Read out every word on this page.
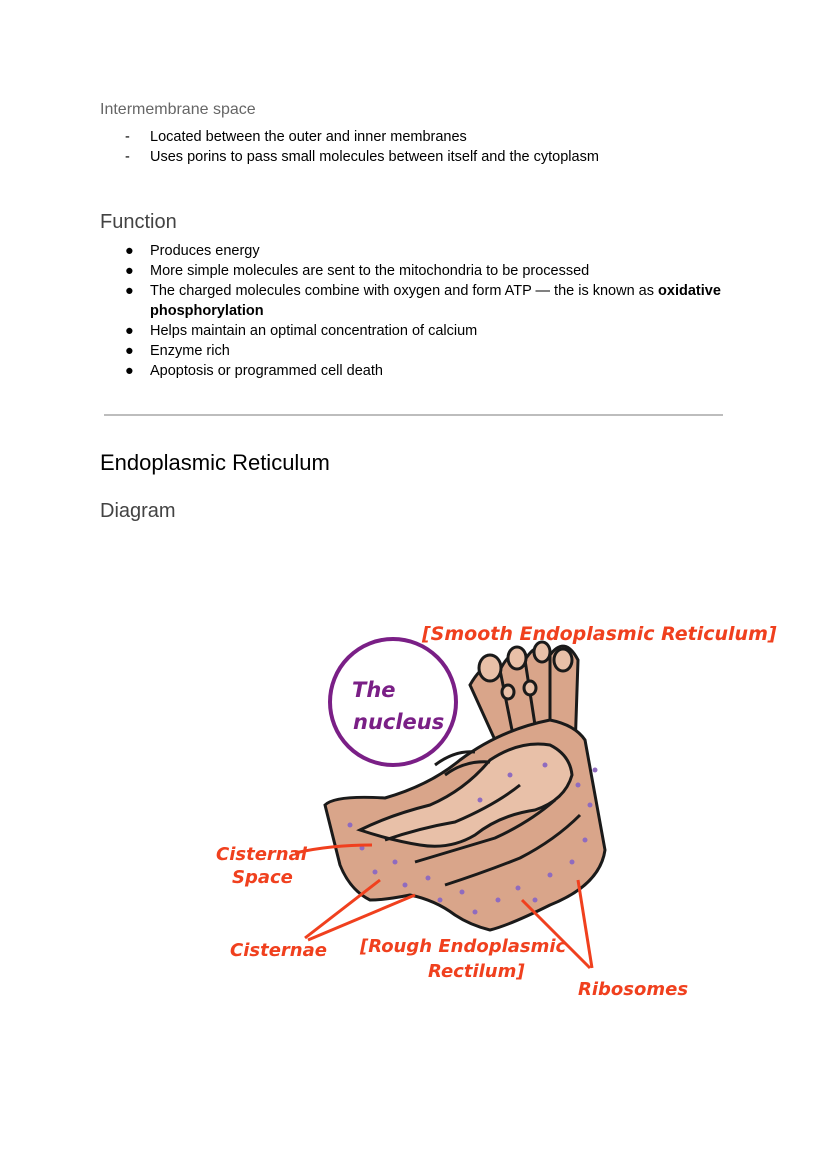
Intermembrane space
- Located between the outer and inner membranes
- Uses porins to pass small molecules between itself and the cytoplasm
Function
● Produces energy
● More simple molecules are sent to the mitochondria to be processed
● The charged molecules combine with oxygen and form ATP — the is known as oxidative phosphorylation
● Helps maintain an optimal concentration of calcium
● Enzyme rich
● Apoptosis or programmed cell death
Endoplasmic Reticulum
Diagram
The
nucleus
[Smooth Endoplasmic Reticulum]
Cisternal
Space
Cisternae [Rough Endoplasmic
Rectilum]
Ribosomes
